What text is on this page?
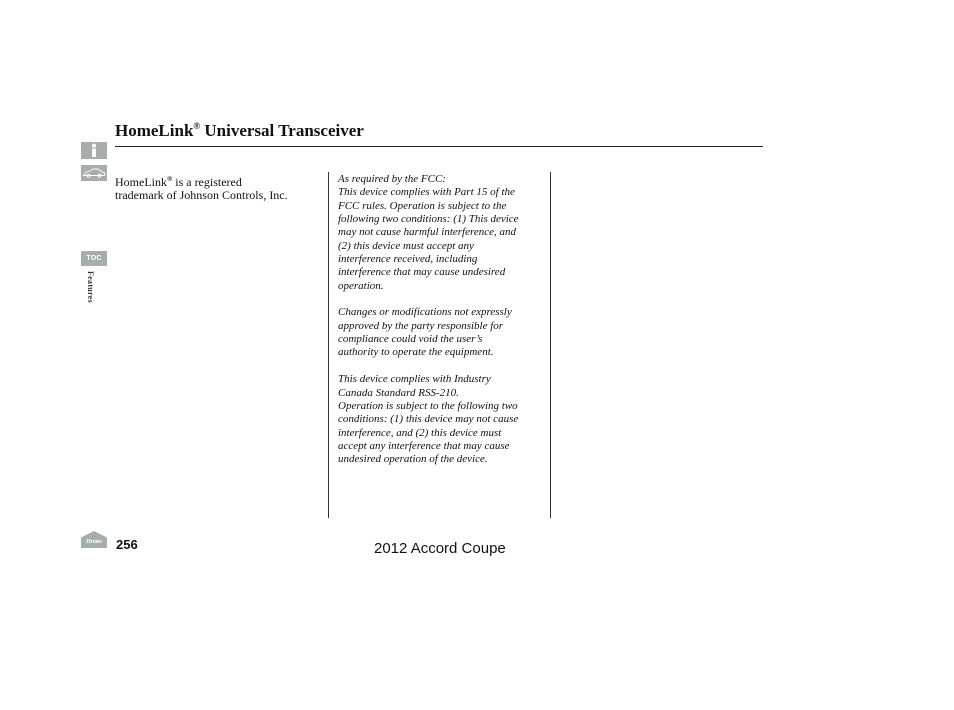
HomeLink® Universal Transceiver
TOC
Features
HomeLink® is a registered
trademark of Johnson Controls, Inc.

As required by the FCC:
This device complies with Part 15 of the
FCC rules. Operation is subject to the
following two conditions: (1) This device
may not cause harmful interference, and
(2) this device must accept any
interference received, including
interference that may cause undesired
operation.

Changes or modifications not expressly
approved by the party responsible for
compliance could void the user’s
authority to operate the equipment.

This device complies with Industry
Canada Standard RSS-210.
Operation is subject to the following two
conditions: (1) this device may not cause
interference, and (2) this device must
accept any interference that may cause
undesired operation of the device.

Home 256	2012 Accord Coupe
